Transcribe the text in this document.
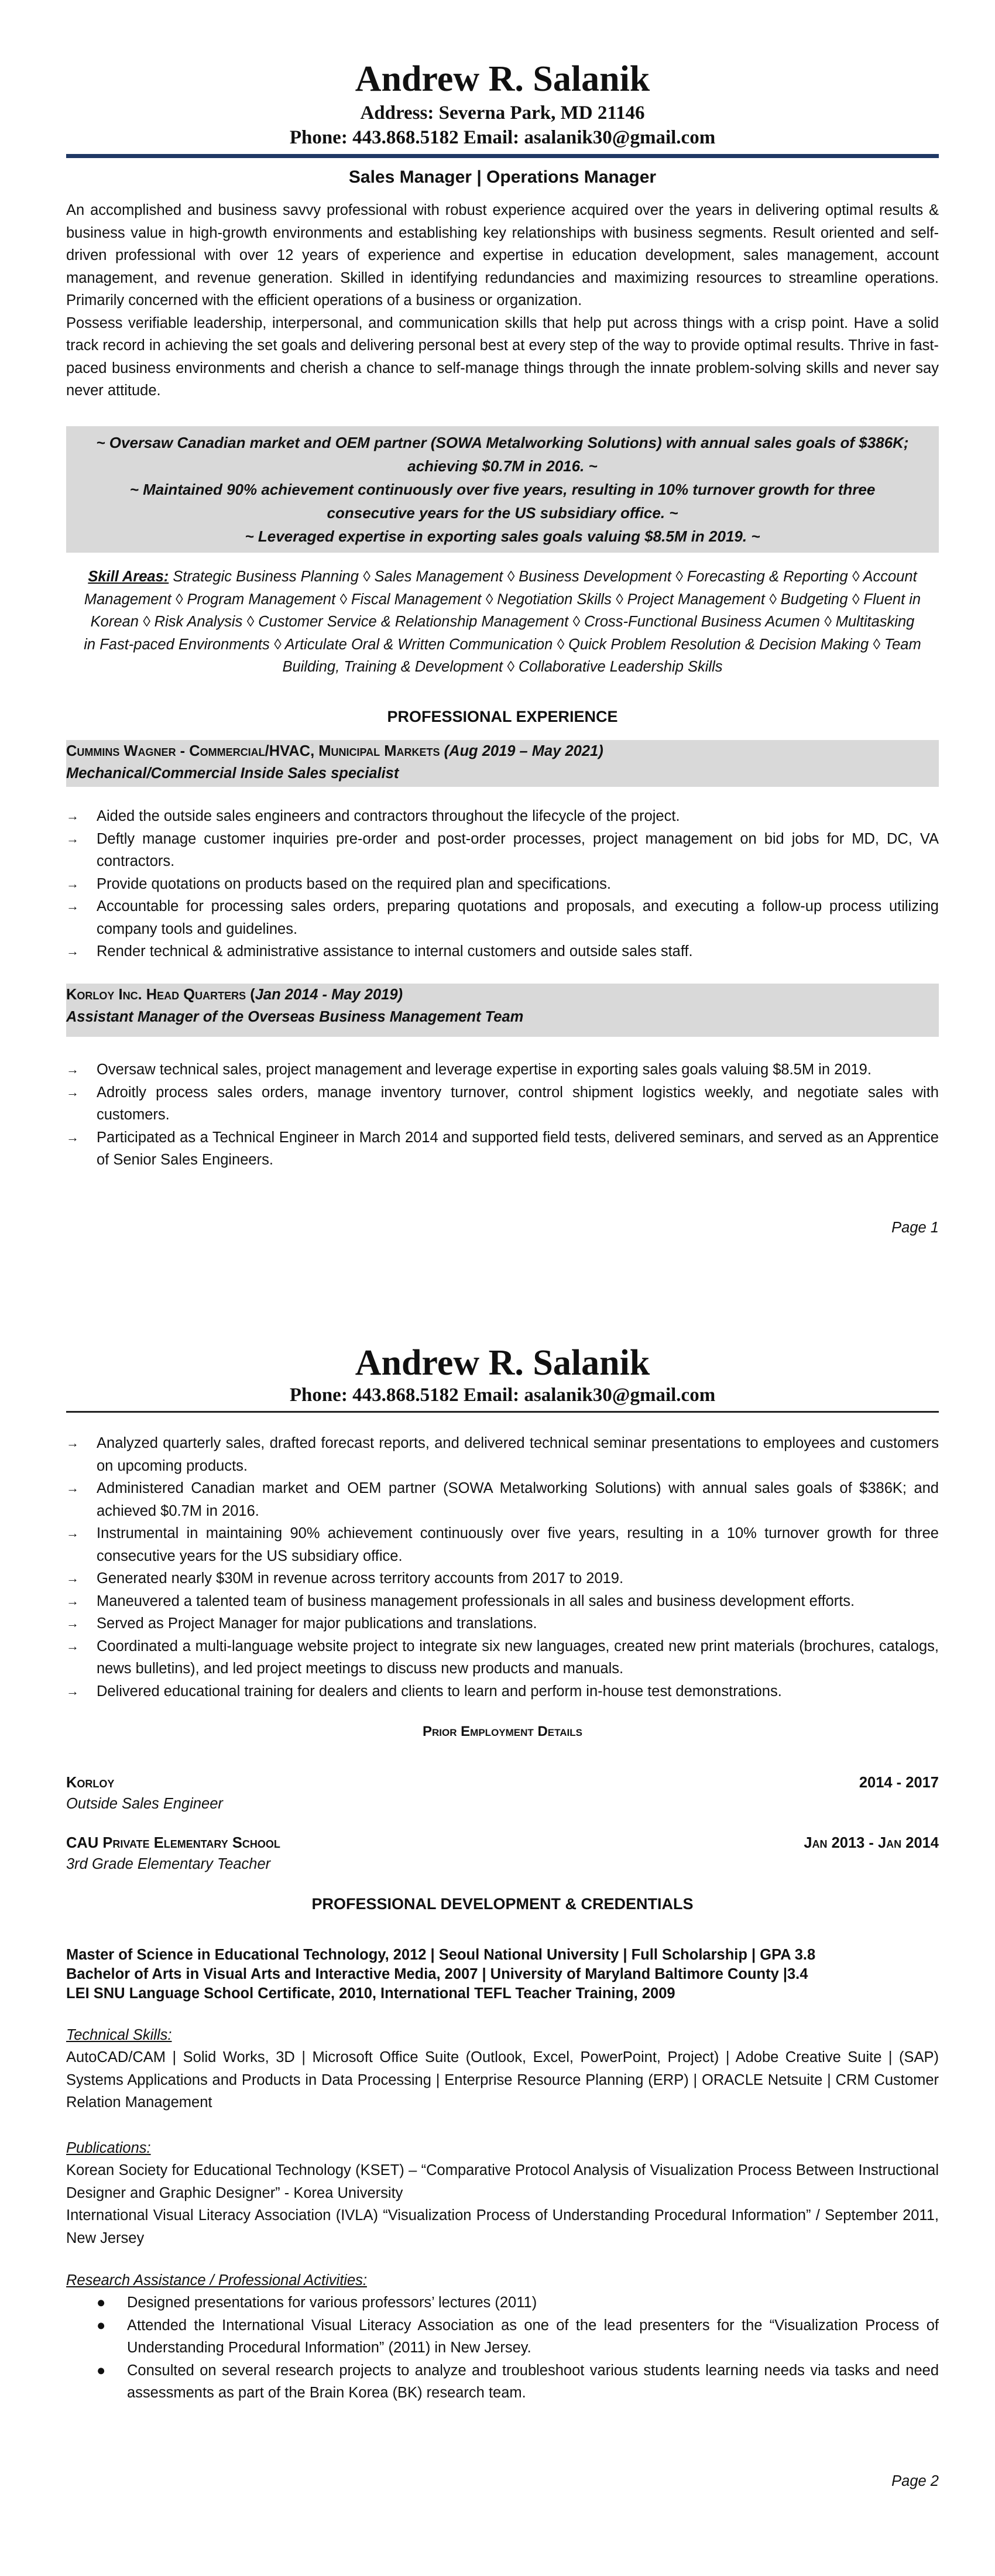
Andrew R. Salanik
Address: Severna Park, MD 21146
Phone: 443.868.5182 Email: asalanik30@gmail.com
Sales Manager | Operations Manager
An accomplished and business savvy professional with robust experience acquired over the years in delivering optimal results & business value in high-growth environments and establishing key relationships with business segments. Result oriented and self-driven professional with over 12 years of experience and expertise in education development, sales management, account management, and revenue generation. Skilled in identifying redundancies and maximizing resources to streamline operations. Primarily concerned with the efficient operations of a business or organization.
Possess verifiable leadership, interpersonal, and communication skills that help put across things with a crisp point. Have a solid track record in achieving the set goals and delivering personal best at every step of the way to provide optimal results. Thrive in fast-paced business environments and cherish a chance to self-manage things through the innate problem-solving skills and never say never attitude.
~ Oversaw Canadian market and OEM partner (SOWA Metalworking Solutions) with annual sales goals of $386K; achieving $0.7M in 2016. ~
~ Maintained 90% achievement continuously over five years, resulting in 10% turnover growth for three consecutive years for the US subsidiary office. ~
~ Leveraged expertise in exporting sales goals valuing $8.5M in 2019. ~
Skill Areas: Strategic Business Planning ◊ Sales Management ◊ Business Development ◊ Forecasting & Reporting ◊ Account Management ◊ Program Management ◊ Fiscal Management ◊ Negotiation Skills ◊ Project Management ◊ Budgeting ◊ Fluent in Korean ◊ Risk Analysis ◊ Customer Service & Relationship Management ◊ Cross-Functional Business Acumen ◊ Multitasking in Fast-paced Environments ◊ Articulate Oral & Written Communication ◊ Quick Problem Resolution & Decision Making ◊ Team Building, Training & Development ◊ Collaborative Leadership Skills
PROFESSIONAL EXPERIENCE
Cummins Wagner - Commercial/HVAC, Municipal Markets (Aug 2019 – May 2021)
Mechanical/Commercial Inside Sales specialist
→ Aided the outside sales engineers and contractors throughout the lifecycle of the project.
→ Deftly manage customer inquiries pre-order and post-order processes, project management on bid jobs for MD, DC, VA contractors.
→ Provide quotations on products based on the required plan and specifications.
→ Accountable for processing sales orders, preparing quotations and proposals, and executing a follow-up process utilizing company tools and guidelines.
→ Render technical & administrative assistance to internal customers and outside sales staff.
Korloy Inc. Head Quarters (Jan 2014 - May 2019)
Assistant Manager of the Overseas Business Management Team
→ Oversaw technical sales, project management and leverage expertise in exporting sales goals valuing $8.5M in 2019.
→ Adroitly process sales orders, manage inventory turnover, control shipment logistics weekly, and negotiate sales with customers.
→ Participated as a Technical Engineer in March 2014 and supported field tests, delivered seminars, and served as an Apprentice of Senior Sales Engineers.
Page 1
Andrew R. Salanik
Phone: 443.868.5182 Email: asalanik30@gmail.com
→ Analyzed quarterly sales, drafted forecast reports, and delivered technical seminar presentations to employees and customers on upcoming products.
→ Administered Canadian market and OEM partner (SOWA Metalworking Solutions) with annual sales goals of $386K; and achieved $0.7M in 2016.
→ Instrumental in maintaining 90% achievement continuously over five years, resulting in a 10% turnover growth for three consecutive years for the US subsidiary office.
→ Generated nearly $30M in revenue across territory accounts from 2017 to 2019.
→ Maneuvered a talented team of business management professionals in all sales and business development efforts.
→ Served as Project Manager for major publications and translations.
→ Coordinated a multi-language website project to integrate six new languages, created new print materials (brochures, catalogs, news bulletins), and led project meetings to discuss new products and manuals.
→ Delivered educational training for dealers and clients to learn and perform in-house test demonstrations.
Prior Employment Details
Korloy	2014 - 2017
Outside Sales Engineer
CAU Private Elementary School	Jan 2013 - Jan 2014
3rd Grade Elementary Teacher
PROFESSIONAL DEVELOPMENT & CREDENTIALS
Master of Science in Educational Technology, 2012 | Seoul National University | Full Scholarship | GPA 3.8
Bachelor of Arts in Visual Arts and Interactive Media, 2007 | University of Maryland Baltimore County |3.4
LEI SNU Language School Certificate, 2010, International TEFL Teacher Training, 2009
Technical Skills:
AutoCAD/CAM | Solid Works, 3D | Microsoft Office Suite (Outlook, Excel, PowerPoint, Project) | Adobe Creative Suite | (SAP) Systems Applications and Products in Data Processing | Enterprise Resource Planning (ERP) | ORACLE Netsuite | CRM Customer Relation Management
Publications:
Korean Society for Educational Technology (KSET) – “Comparative Protocol Analysis of Visualization Process Between Instructional Designer and Graphic Designer” - Korea University
International Visual Literacy Association (IVLA) “Visualization Process of Understanding Procedural Information” / September 2011, New Jersey
Research Assistance / Professional Activities:
● Designed presentations for various professors’ lectures (2011)
● Attended the International Visual Literacy Association as one of the lead presenters for the “Visualization Process of Understanding Procedural Information” (2011) in New Jersey.
● Consulted on several research projects to analyze and troubleshoot various students learning needs via tasks and need assessments as part of the Brain Korea (BK) research team.
Page 2
